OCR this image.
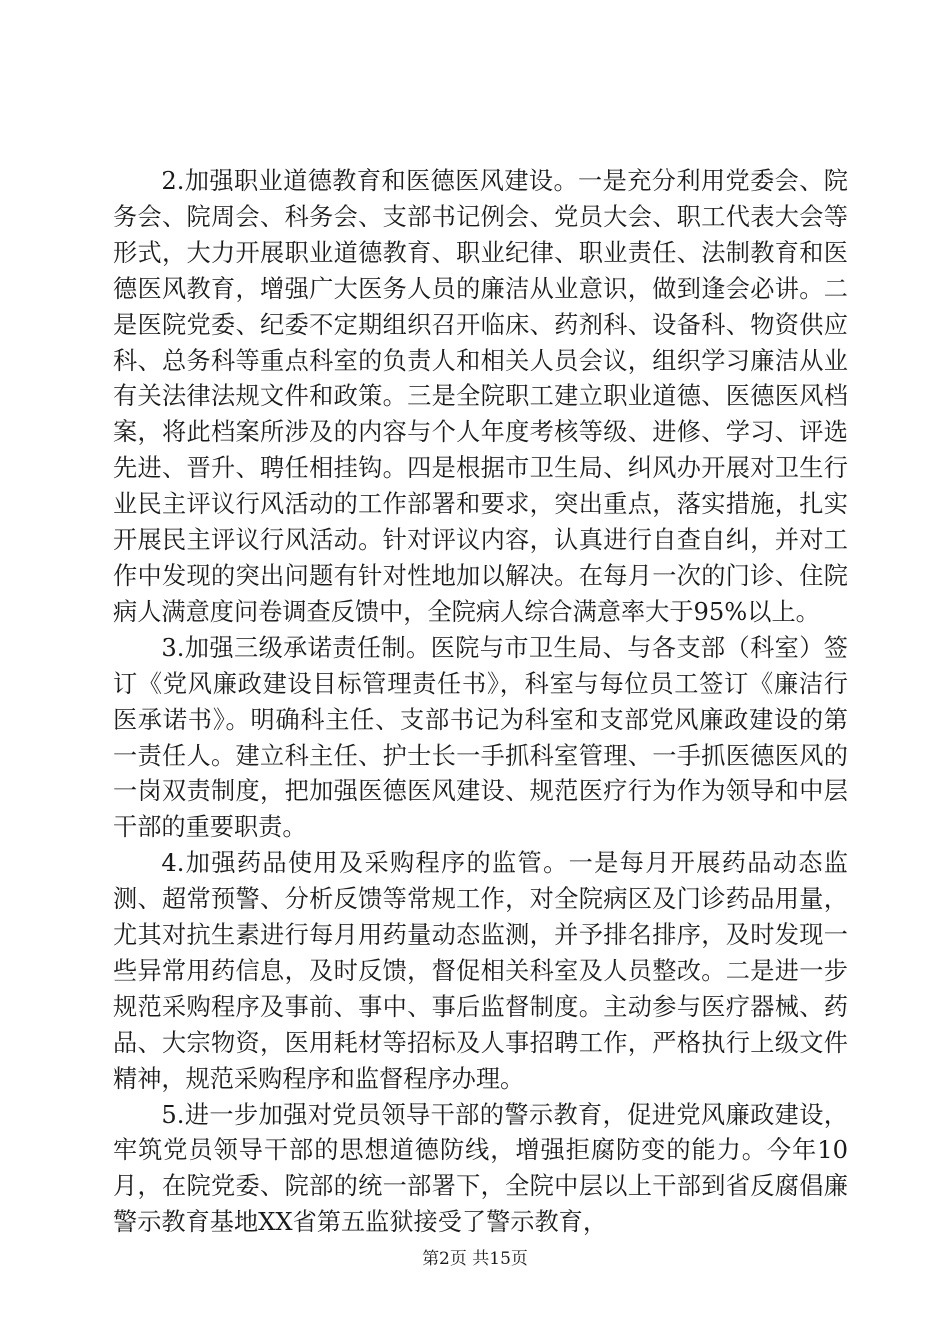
2.加强职业道德教育和医德医风建设。一是充分利用党委会、院务会、院周会、科务会、支部书记例会、党员大会、职工代表大会等形式，大力开展职业道德教育、职业纪律、职业责任、法制教育和医德医风教育，增强广大医务人员的廉洁从业意识，做到逢会必讲。二是医院党委、纪委不定期组织召开临床、药剂科、设备科、物资供应科、总务科等重点科室的负责人和相关人员会议，组织学习廉洁从业有关法律法规文件和政策。三是全院职工建立职业道德、医德医风档案，将此档案所涉及的内容与个人年度考核等级、进修、学习、评选先进、晋升、聘任相挂钩。四是根据市卫生局、纠风办开展对卫生行业民主评议行风活动的工作部署和要求，突出重点，落实措施，扎实开展民主评议行风活动。针对评议内容，认真进行自查自纠，并对工作中发现的突出问题有针对性地加以解决。在每月一次的门诊、住院病人满意度问卷调查反馈中，全院病人综合满意率大于95%以上。

3.加强三级承诺责任制。医院与市卫生局、与各支部（科室）签订《党风廉政建设目标管理责任书》，科室与每位员工签订《廉洁行医承诺书》。明确科主任、支部书记为科室和支部党风廉政建设的第一责任人。建立科主任、护士长一手抓科室管理、一手抓医德医风的一岗双责制度，把加强医德医风建设、规范医疗行为作为领导和中层干部的重要职责。

4.加强药品使用及采购程序的监管。一是每月开展药品动态监测、超常预警、分析反馈等常规工作，对全院病区及门诊药品用量，尤其对抗生素进行每月用药量动态监测，并予排名排序，及时发现一些异常用药信息，及时反馈，督促相关科室及人员整改。二是进一步规范采购程序及事前、事中、事后监督制度。主动参与医疗器械、药品、大宗物资，医用耗材等招标及人事招聘工作，严格执行上级文件精神，规范采购程序和监督程序办理。

5.进一步加强对党员领导干部的警示教育，促进党风廉政建设，牢筑党员领导干部的思想道德防线，增强拒腐防变的能力。今年10月，在院党委、院部的统一部署下，全院中层以上干部到省反腐倡廉警示教育基地XX省第五监狱接受了警示教育，

第2页 共15页
